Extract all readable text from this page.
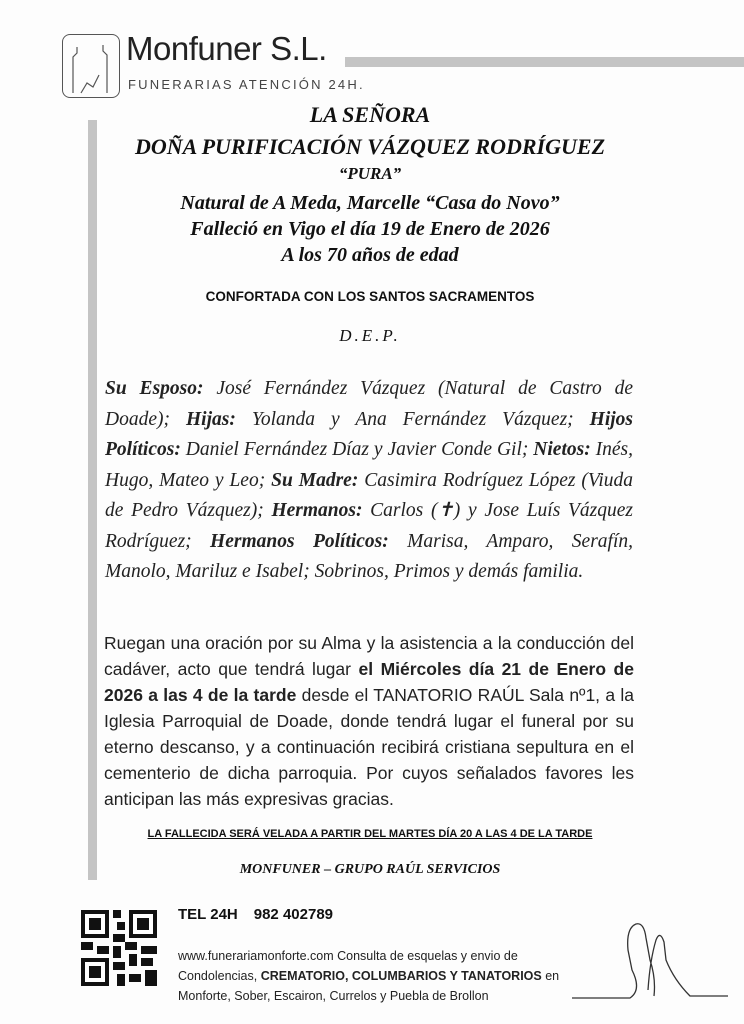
Monfuner S.L.
FUNERARIAS ATENCIÓN 24H.
LA SEÑORA
DOÑA PURIFICACIÓN VÁZQUEZ RODRÍGUEZ
“PURA”
Natural de A Meda, Marcelle “Casa do Novo”
Falleció en Vigo el día 19 de Enero de 2026
A los 70 años de edad
CONFORTADA CON LOS SANTOS SACRAMENTOS
D.E.P.
Su Esposo: José Fernández Vázquez (Natural de Castro de Doade); Hijas: Yolanda y Ana Fernández Vázquez; Hijos Políticos: Daniel Fernández Díaz y Javier Conde Gil; Nietos: Inés, Hugo, Mateo y Leo; Su Madre: Casimira Rodríguez López (Viuda de Pedro Vázquez); Hermanos: Carlos (✝) y Jose Luís Vázquez Rodríguez; Hermanos Políticos: Marisa, Amparo, Serafín, Manolo, Mariluz e Isabel; Sobrinos, Primos y demás familia.
Ruegan una oración por su Alma y la asistencia a la conducción del cadáver, acto que tendrá lugar el Miércoles día 21 de Enero de 2026 a las 4 de la tarde desde el TANATORIO RAÚL Sala nº1, a la Iglesia Parroquial de Doade, donde tendrá lugar el funeral por su eterno descanso, y a continuación recibirá cristiana sepultura en el cementerio de dicha parroquia. Por cuyos señalados favores les anticipan las más expresivas gracias.
LA FALLECIDA SERÁ VELADA A PARTIR DEL MARTES DÍA 20 A LAS 4 DE LA TARDE
MONFUNER – GRUPO RAÚL SERVICIOS
TEL 24H 982 402789
www.funerariamonforte.com Consulta de esquelas y envio de Condolencias, CREMATORIO, COLUMBARIOS Y TANATORIOS en Monforte, Sober, Escairon, Currelos y Puebla de Brollon
